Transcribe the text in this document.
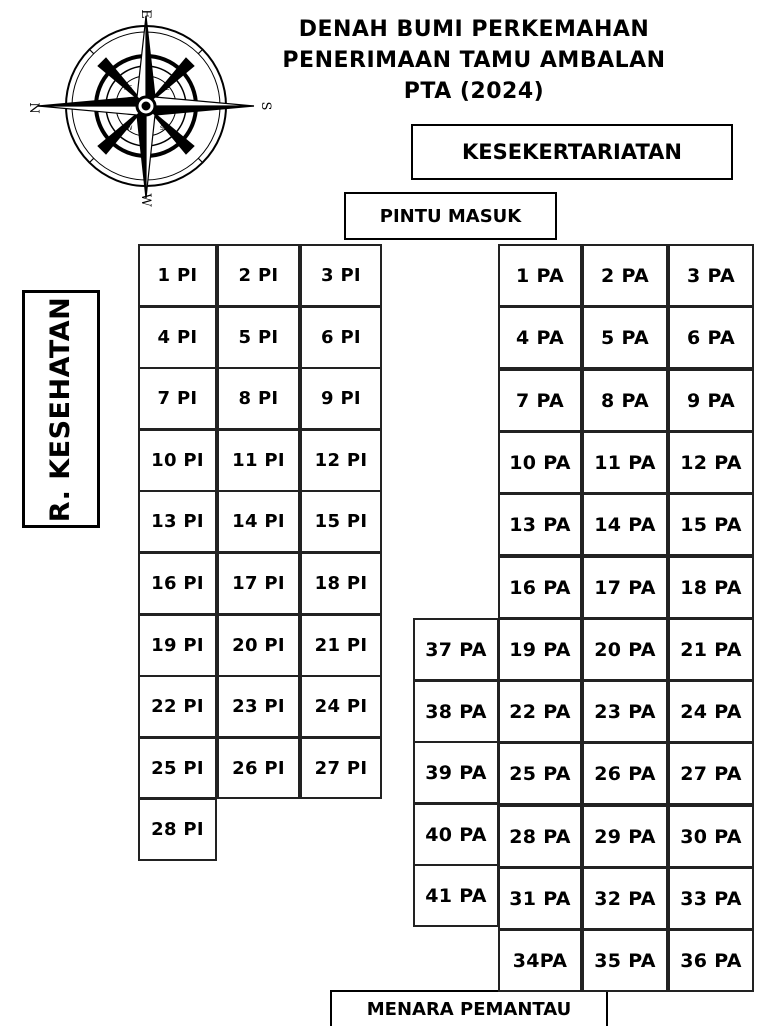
E
N	S
W
NE	SE
NW	SW
DENAH BUMI PERKEMAHAN
PENERIMAAN TAMU AMBALAN
PTA (2024)
KESEKERTARIATAN
PINTU MASUK
R. KESEHATAN
MENARA PEMANTAU
1 PI	2 PI	3 PI
4 PI	5 PI	6 PI
7 PI	8 PI	9 PI
10 PI	11 PI	12 PI
13 PI	14 PI	15 PI
16 PI	17 PI	18 PI
19 PI	20 PI	21 PI
22 PI	23 PI	24 PI
25 PI	26 PI	27 PI
28 PI
1 PA	2 PA	3 PA
4 PA	5 PA	6 PA
7 PA	8 PA	9 PA
10 PA	11 PA	12 PA
13 PA	14 PA	15 PA
16 PA	17 PA	18 PA
19 PA	20 PA	21 PA
22 PA	23 PA	24 PA
25 PA	26 PA	27 PA
28 PA	29 PA	30 PA
31 PA	32 PA	33 PA
34PA	35 PA	36 PA
37 PA
38 PA
39 PA
40 PA
41 PA
